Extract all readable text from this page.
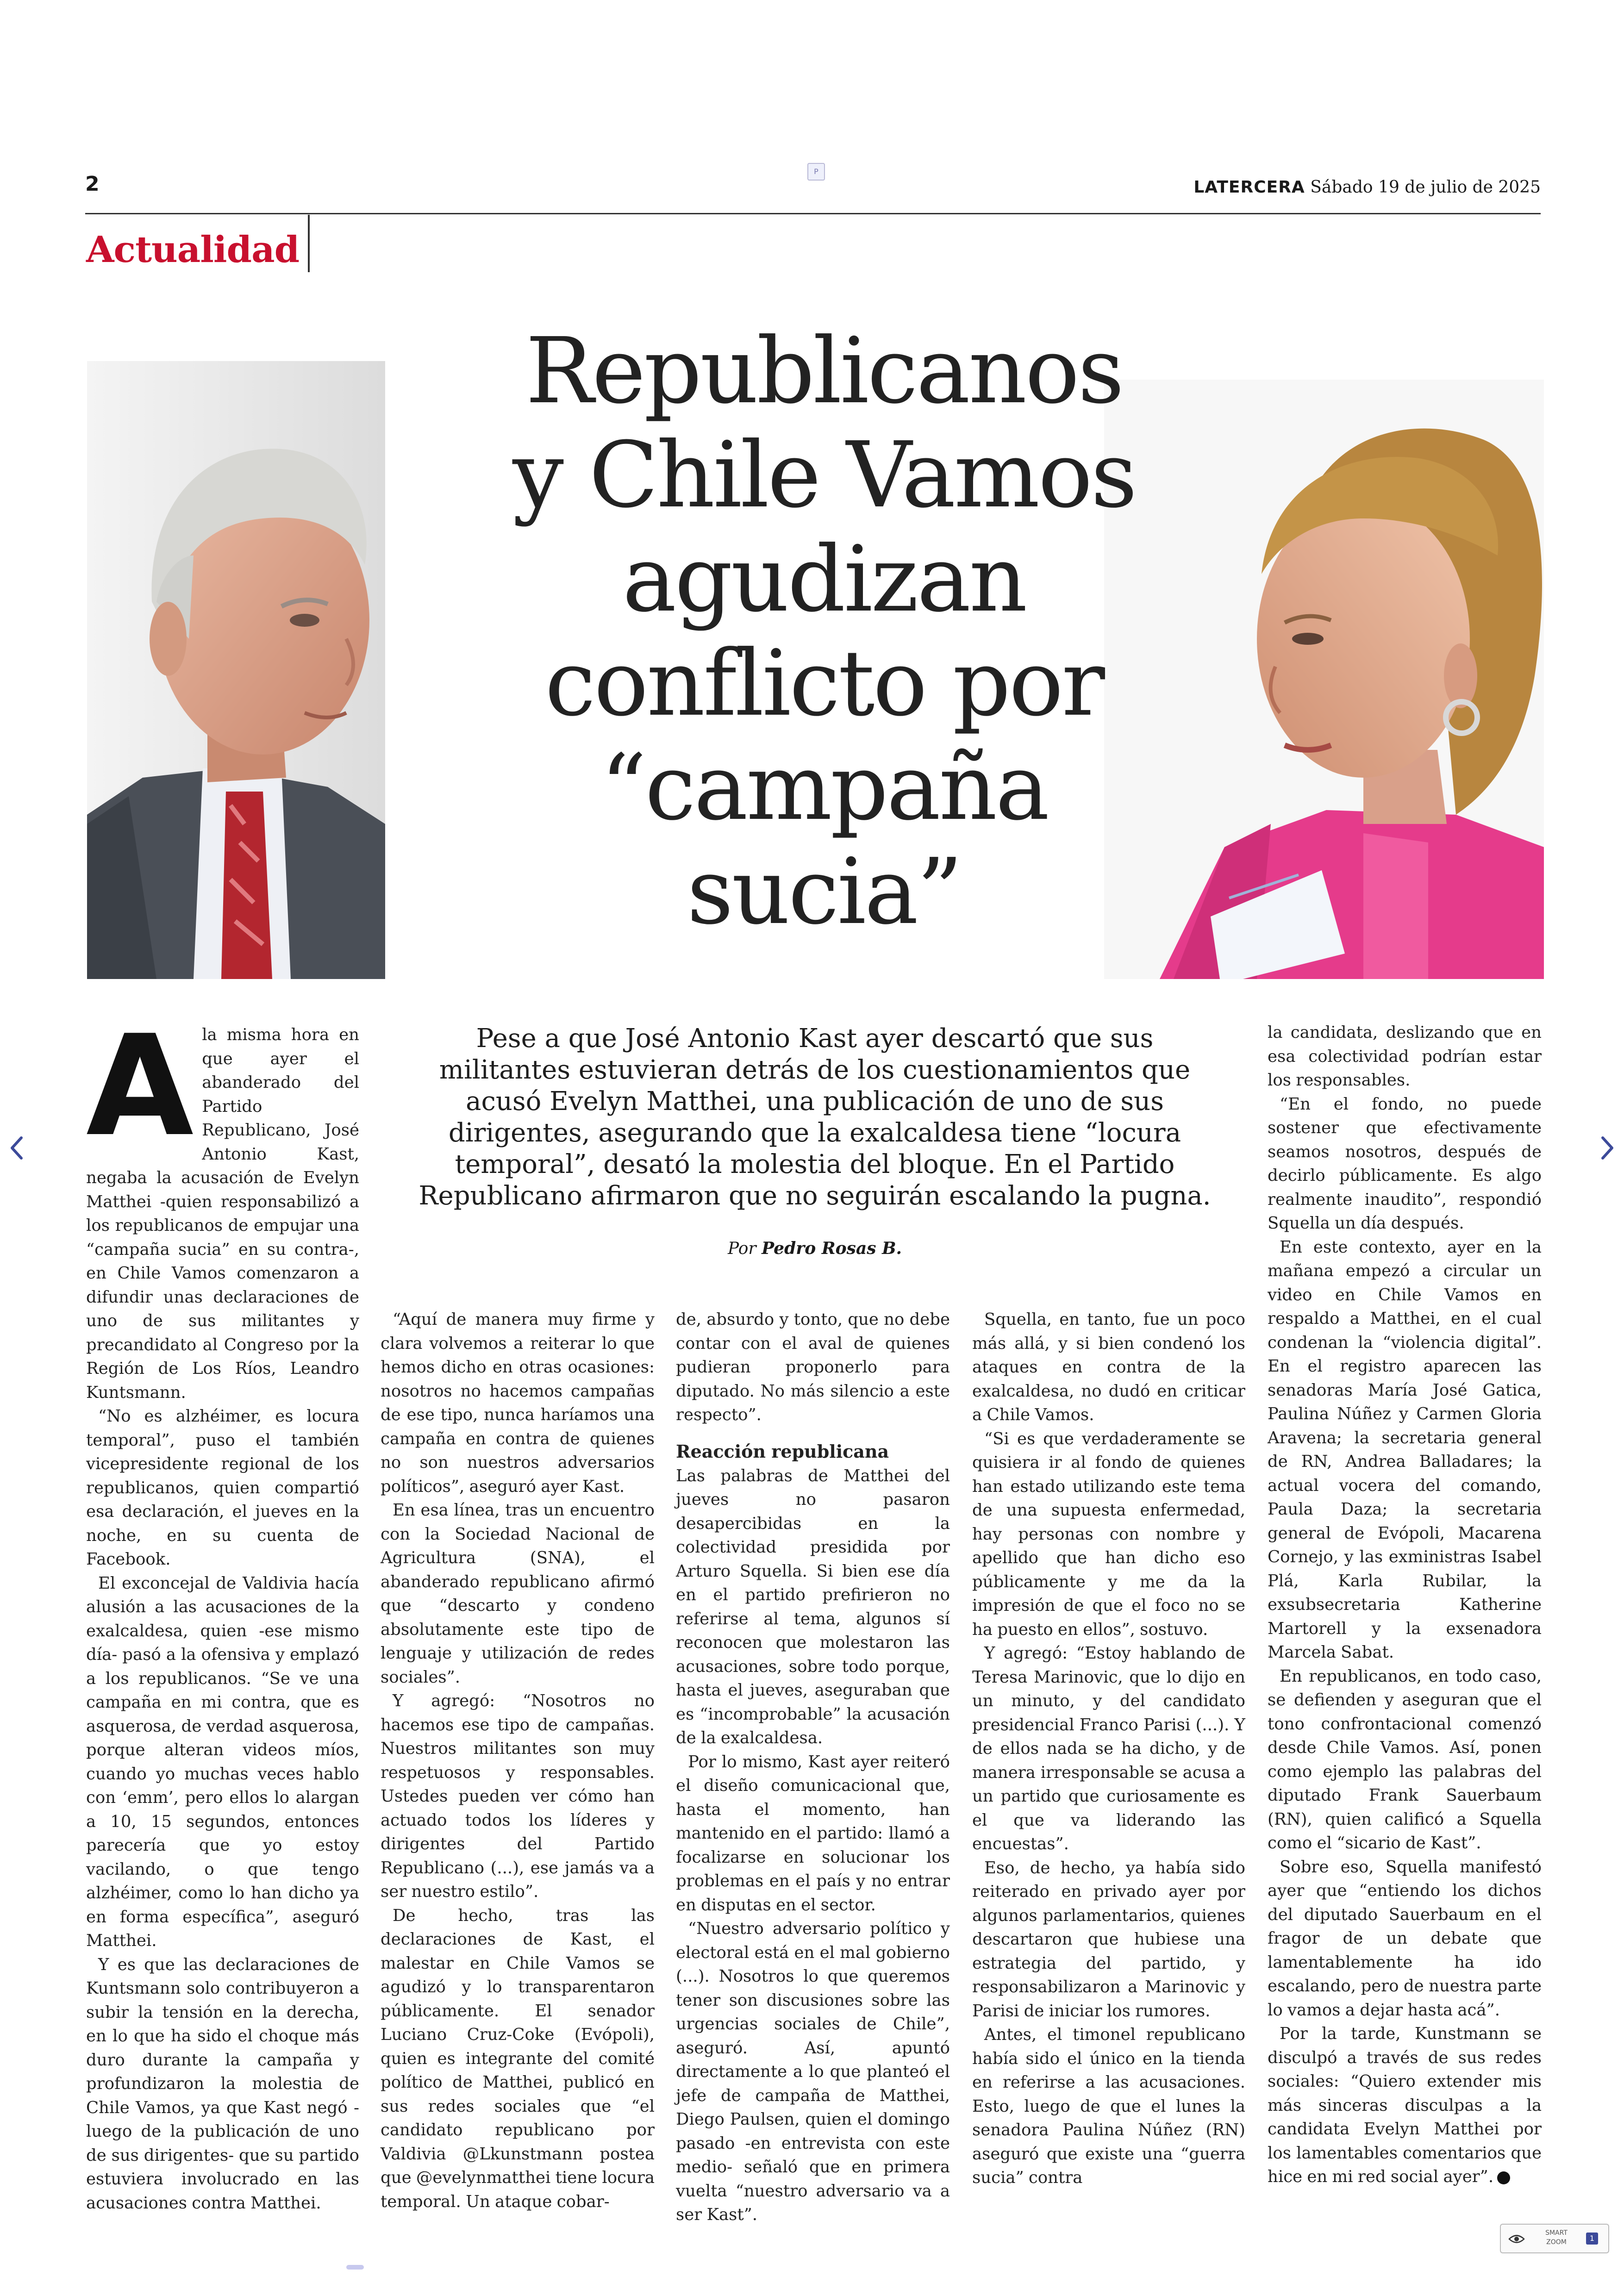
2
P
LATERCERA Sábado 19 de julio de 2025
Actualidad
Republicanos
y Chile Vamos
agudizan
conflicto por
“campaña
sucia”
Pese a que José Antonio Kast ayer descartó que sus militantes estuvieran detrás de los cuestionamientos que acusó Evelyn Matthei, una publicación de uno de sus dirigentes, asegurando que la exalcaldesa tiene “locura temporal”, desató la molestia del bloque. En el Partido Republicano afirmaron que no seguirán escalando la pugna.
Por Pedro Rosas B.

Ala misma hora en que ayer el abanderado del Partido Republicano, José Antonio Kast, negaba la acusación de Evelyn Matthei -quien responsabilizó a los republicanos de empujar una “campaña sucia” en su contra-, en Chile Vamos comenzaron a difundir unas declaraciones de uno de sus militantes y precandidato al Congreso por la Región de Los Ríos, Leandro Kuntsmann.

“No es alzhéimer, es locura temporal”, puso el también vicepresidente regional de los republicanos, quien compartió esa declaración, el jueves en la noche, en su cuenta de Facebook.

El exconcejal de Valdivia hacía alusión a las acusaciones de la exalcaldesa, quien -ese mismo día- pasó a la ofensiva y emplazó a los republicanos. “Se ve una campaña en mi contra, que es asquerosa, de verdad asquerosa, porque alteran videos míos, cuando yo muchas veces hablo con ‘emm’, pero ellos lo alargan a 10, 15 segundos, entonces parecería que yo estoy vacilando, o que tengo alzhéimer, como lo han dicho ya en forma específica”, aseguró Matthei.

Y es que las declaraciones de Kuntsmann solo contribuyeron a subir la tensión en la derecha, en lo que ha sido el choque más duro durante la campaña y profundizaron la molestia de Chile Vamos, ya que Kast negó -luego de la publicación de uno de sus dirigentes- que su partido estuviera involucrado en las acusaciones contra Matthei.

“Aquí de manera muy firme y clara volvemos a reiterar lo que hemos dicho en otras ocasiones: nosotros no hacemos campañas de ese tipo, nunca haríamos una campaña en contra de quienes no son nuestros adversarios políticos”, aseguró ayer Kast.

En esa línea, tras un encuentro con la Sociedad Nacional de Agricultura (SNA), el abanderado republicano afirmó que “descarto y condeno absolutamente este tipo de lenguaje y utilización de redes sociales”.

Y agregó: “Nosotros no hacemos ese tipo de campañas. Nuestros militantes son muy respetuosos y responsables. Ustedes pueden ver cómo han actuado todos los líderes y dirigentes del Partido Republicano (...), ese jamás va a ser nuestro estilo”.

De hecho, tras las declaraciones de Kast, el malestar en Chile Vamos se agudizó y lo transparentaron públicamente. El senador Luciano Cruz-Coke (Evópoli), quien es integrante del comité político de Matthei, publicó en sus redes sociales que “el candidato republicano por Valdivia @Lkunstmann postea que @evelynmatthei tiene locura temporal. Un ataque cobar-

de, absurdo y tonto, que no debe contar con el aval de quienes pudieran proponerlo para diputado. No más silencio a este respecto”.

Reacción republicana

Las palabras de Matthei del jueves no pasaron desapercibidas en la colectividad presidida por Arturo Squella. Si bien ese día en el partido prefirieron no referirse al tema, algunos sí reconocen que molestaron las acusaciones, sobre todo porque, hasta el jueves, aseguraban que es “incomprobable” la acusación de la exalcaldesa.

Por lo mismo, Kast ayer reiteró el diseño comunicacional que, hasta el momento, han mantenido en el partido: llamó a focalizarse en solucionar los problemas en el país y no entrar en disputas en el sector.

“Nuestro adversario político y electoral está en el mal gobierno (...). Nosotros lo que queremos tener son discusiones sobre las urgencias sociales de Chile”, aseguró. Así, apuntó directamente a lo que planteó el jefe de campaña de Matthei, Diego Paulsen, quien el domingo pasado -en entrevista con este medio- señaló que en primera vuelta “nuestro adversario va a ser Kast”.

Squella, en tanto, fue un poco más allá, y si bien condenó los ataques en contra de la exalcaldesa, no dudó en criticar a Chile Vamos.

“Si es que verdaderamente se quisiera ir al fondo de quienes han estado utilizando este tema de una supuesta enfermedad, hay personas con nombre y apellido que han dicho eso públicamente y me da la impresión de que el foco no se ha puesto en ellos”, sostuvo.

Y agregó: “Estoy hablando de Teresa Marinovic, que lo dijo en un minuto, y del candidato presidencial Franco Parisi (...). Y de ellos nada se ha dicho, y de manera irresponsable se acusa a un partido que curiosamente es el que va liderando las encuestas”.

Eso, de hecho, ya había sido reiterado en privado ayer por algunos parlamentarios, quienes descartaron que hubiese una estrategia del partido, y responsabilizaron a Marinovic y Parisi de iniciar los rumores.

Antes, el timonel republicano había sido el único en la tienda en referirse a las acusaciones. Esto, luego de que el lunes la senadora Paulina Núñez (RN) aseguró que existe una “guerra sucia” contra

la candidata, deslizando que en esa colectividad podrían estar los responsables.

“En el fondo, no puede sostener que efectivamente seamos nosotros, después de decirlo públicamente. Es algo realmente inaudito”, respondió Squella un día después.

En este contexto, ayer en la mañana empezó a circular un video en Chile Vamos en respaldo a Matthei, en el cual condenan la “violencia digital”. En el registro aparecen las senadoras María José Gatica, Paulina Núñez y Carmen Gloria Aravena; la secretaria general de RN, Andrea Balladares; la actual vocera del comando, Paula Daza; la secretaria general de Evópoli, Macarena Cornejo, y las exministras Isabel Plá, Karla Rubilar, la exsubsecretaria Katherine Martorell y la exsenadora Marcela Sabat.

En republicanos, en todo caso, se defienden y aseguran que el tono confrontacional comenzó desde Chile Vamos. Así, ponen como ejemplo las palabras del diputado Frank Sauerbaum (RN), quien calificó a Squella como el “sicario de Kast”.

Sobre eso, Squella manifestó ayer que “entiendo los dichos del diputado Sauerbaum en el fragor de un debate que lamentablemente ha ido escalando, pero de nuestra parte lo vamos a dejar hasta acá”.

Por la tarde, Kunstmann se disculpó a través de sus redes sociales: “Quiero extender mis más sinceras disculpas a la candidata Evelyn Matthei por los lamentables comentarios que hice en mi red social ayer”.

SMART ZOOM	1
